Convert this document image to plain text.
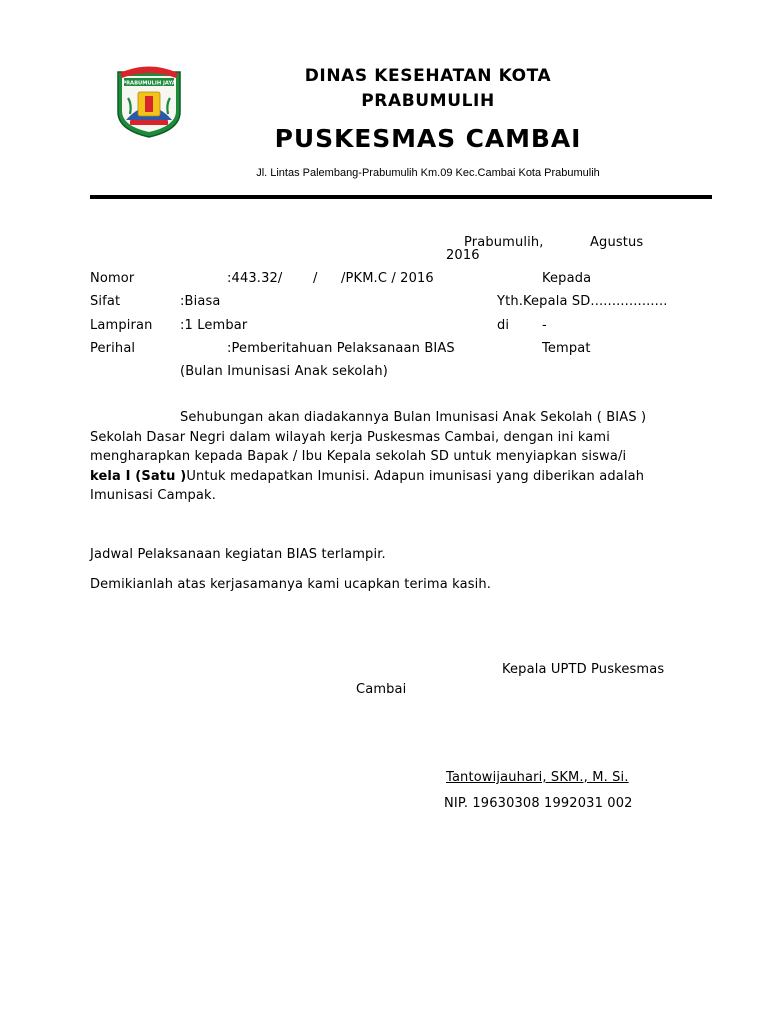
PRABUMULIH JAYA	DINAS KESEHATAN KOTA
PRABUMULIH
PUSKESMAS CAMBAI
Jl. Lintas Palembang-Prabumulih Km.09 Kec.Cambai Kota Prabumulih
Prabumulih,	Agustus
2016
Nomor	:443.32/ / /PKM.C / 2016	Kepada
Sifat	:Biasa	Yth.Kepala SD..................
Lampiran :1 Lembar	di	-
Perihal	:Pemberitahuan Pelaksanaan BIAS	Tempat
(Bulan Imunisasi Anak sekolah)
Sehubungan akan diadakannya Bulan Imunisasi Anak Sekolah ( BIAS )
Sekolah Dasar Negri dalam wilayah kerja Puskesmas Cambai, dengan ini kami
mengharapkan kepada Bapak / Ibu Kepala sekolah SD untuk menyiapkan siswa/i
kela I (Satu )Untuk medapatkan Imunisi. Adapun imunisasi yang diberikan adalah
Imunisasi Campak.
Jadwal Pelaksanaan kegiatan BIAS terlampir.
Demikianlah atas kerjasamanya kami ucapkan terima kasih.
Kepala UPTD Puskesmas
Cambai
Tantowijauhari, SKM., M. Si.
NIP. 19630308 1992031 002
